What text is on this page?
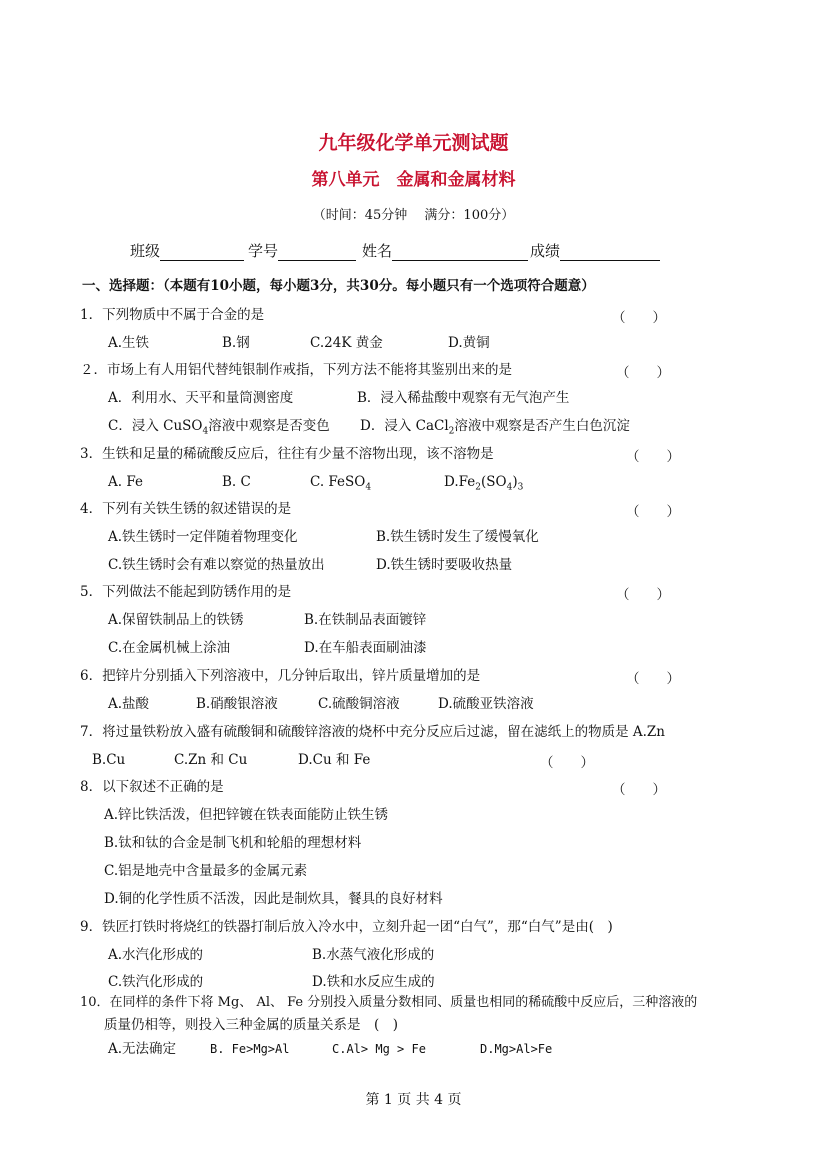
九年级化学单元测试题
第八单元　金属和金属材料
（时间：45分钟　 满分：100分）
班级	学号	姓名	成绩
一、选择题：（本题有10小题，每小题3分，共30分。每小题只有一个选项符合题意）
1．下列物质中不属于合金的是	（　　）
A.生铁	B.钢	C.24K 黄金	D.黄铜
２．市场上有人用铝代替纯银制作戒指，下列方法不能将其鉴别出来的是	（　　）
A．利用水、天平和量筒测密度	B．浸入稀盐酸中观察有无气泡产生
C．浸入 CuSO$_4$溶液中观察是否变色 D．浸入 CaCl$_2$溶液中观察是否产生白色沉淀
3．生铁和足量的稀硫酸反应后，往往有少量不溶物出现，该不溶物是	（　　）
A. Fe	B. C	C. FeSO$_4$	$D.Fe_2(SO_4)_3$
4．下列有关铁生锈的叙述错误的是	（　　）
A.铁生锈时一定伴随着物理变化	B.铁生锈时发生了缓慢氧化
C.铁生锈时会有难以察觉的热量放出	D.铁生锈时要吸收热量
5．下列做法不能起到防锈作用的是	（　　）
A.保留铁制品上的铁锈	B.在铁制品表面镀锌
C.在金属机械上涂油	D.在车船表面刷油漆
6．把锌片分别插入下列溶液中，几分钟后取出，锌片质量增加的是	（　　）
A.盐酸	B.硝酸银溶液	C.硫酸铜溶液	D.硫酸亚铁溶液
7．将过量铁粉放入盛有硫酸铜和硫酸锌溶液的烧杯中充分反应后过滤，留在滤纸上的物质是 A.Zn
B.Cu	C.Zn 和 Cu	D.Cu 和 Fe	（　　）
8．以下叙述不正确的是	（　　）
A.锌比铁活泼，但把锌镀在铁表面能防止铁生锈
B.钛和钛的合金是制飞机和轮船的理想材料
C.铝是地壳中含量最多的金属元素
D.铜的化学性质不活泼，因此是制炊具，餐具的良好材料
9．铁匠打铁时将烧红的铁器打制后放入冷水中，立刻升起一团“白气”，那“白气”是由(　)
A.水汽化形成的	B.水蒸气液化形成的
C.铁汽化形成的	D.铁和水反应生成的
10．在同样的条件下将 Mg、 Al、 Fe 分别投入质量分数相同、质量也相同的稀硫酸中反应后，三种溶液的
质量仍相等，则投入三种金属的质量关系是　(　)
A.无法确定	B. Fe>Mg>Al	C.Al> Mg > Fe	D.Mg>Al>Fe
第 1 页 共 4 页
